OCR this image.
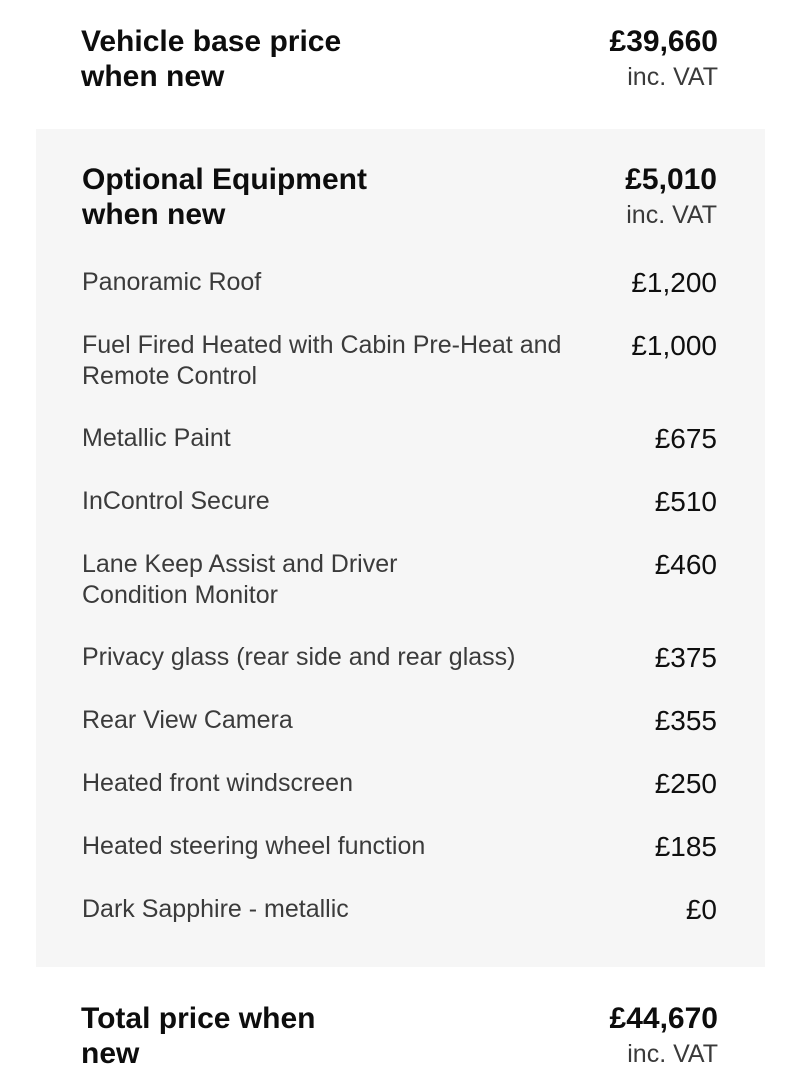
Vehicle base price when new
£39,660
inc. VAT
Optional Equipment when new
£5,010
inc. VAT
Panoramic Roof	£1,200
Fuel Fired Heated with Cabin Pre-Heat and Remote Control
£1,000
Metallic Paint	£675
InControl Secure	£510
Lane Keep Assist and Driver Condition Monitor
£460
Privacy glass (rear side and rear glass)	£375
Rear View Camera	£355
Heated front windscreen	£250
Heated steering wheel function	£185
Dark Sapphire - metallic	£0
Total price when new
£44,670
inc. VAT
